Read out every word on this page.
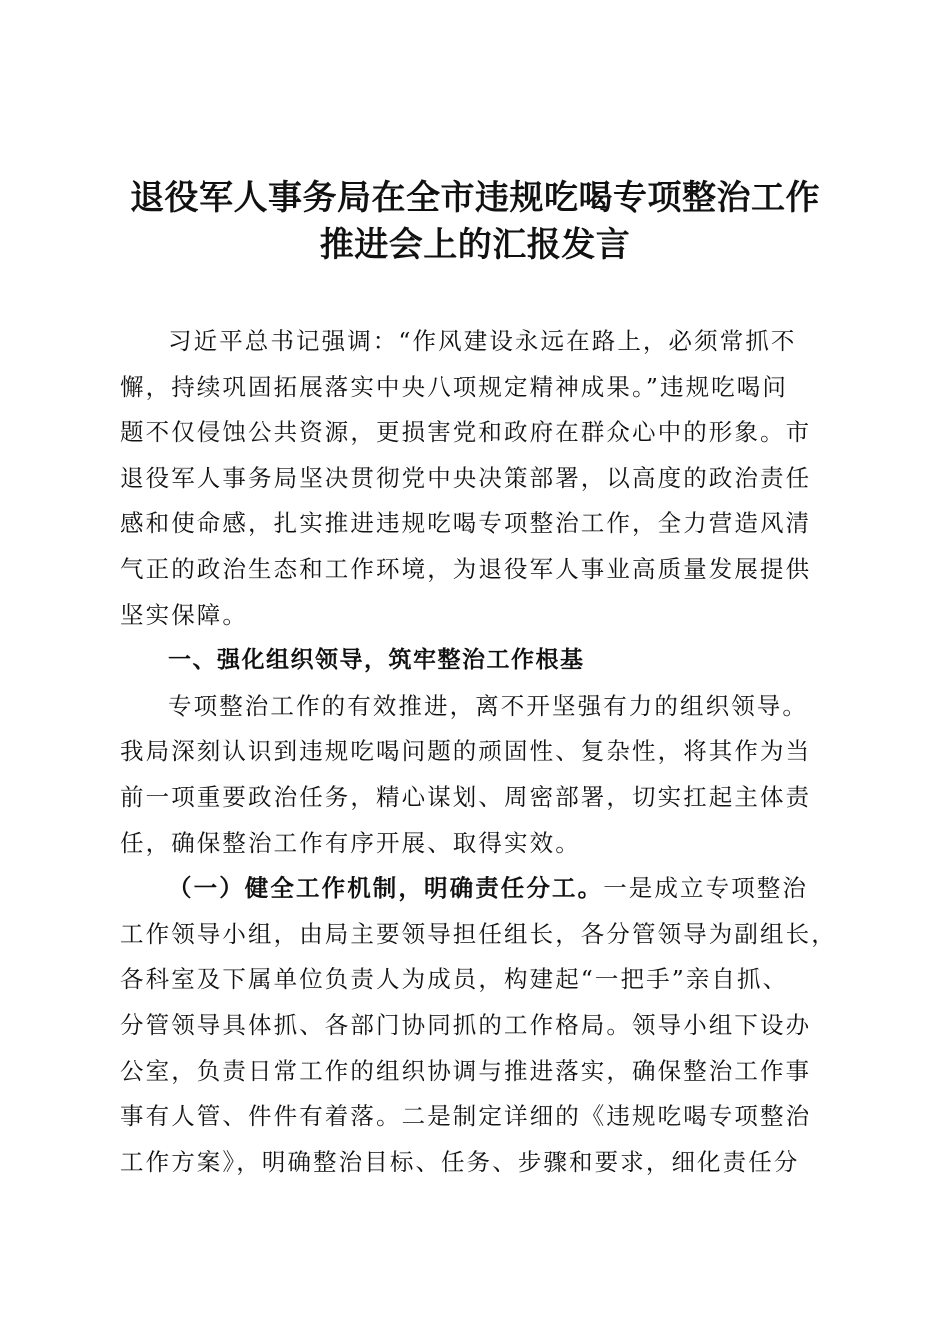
退役军人事务局在全市违规吃喝专项整治工作
推进会上的汇报发言
习近平总书记强调：“作风建设永远在路上，必须常抓不
懈，持续巩固拓展落实中央八项规定精神成果。”违规吃喝问
题不仅侵蚀公共资源，更损害党和政府在群众心中的形象。市
退役军人事务局坚决贯彻党中央决策部署，以高度的政治责任
感和使命感，扎实推进违规吃喝专项整治工作，全力营造风清
气正的政治生态和工作环境，为退役军人事业高质量发展提供
坚实保障。
一、强化组织领导，筑牢整治工作根基
专项整治工作的有效推进，离不开坚强有力的组织领导。
我局深刻认识到违规吃喝问题的顽固性、复杂性，将其作为当
前一项重要政治任务，精心谋划、周密部署，切实扛起主体责
任，确保整治工作有序开展、取得实效。
（一）健全工作机制，明确责任分工。一是成立专项整治
工作领导小组，由局主要领导担任组长，各分管领导为副组长，
各科室及下属单位负责人为成员，构建起“一把手”亲自抓、
分管领导具体抓、各部门协同抓的工作格局。领导小组下设办
公室，负责日常工作的组织协调与推进落实，确保整治工作事
事有人管、件件有着落。二是制定详细的《违规吃喝专项整治
工作方案》，明确整治目标、任务、步骤和要求，细化责任分
